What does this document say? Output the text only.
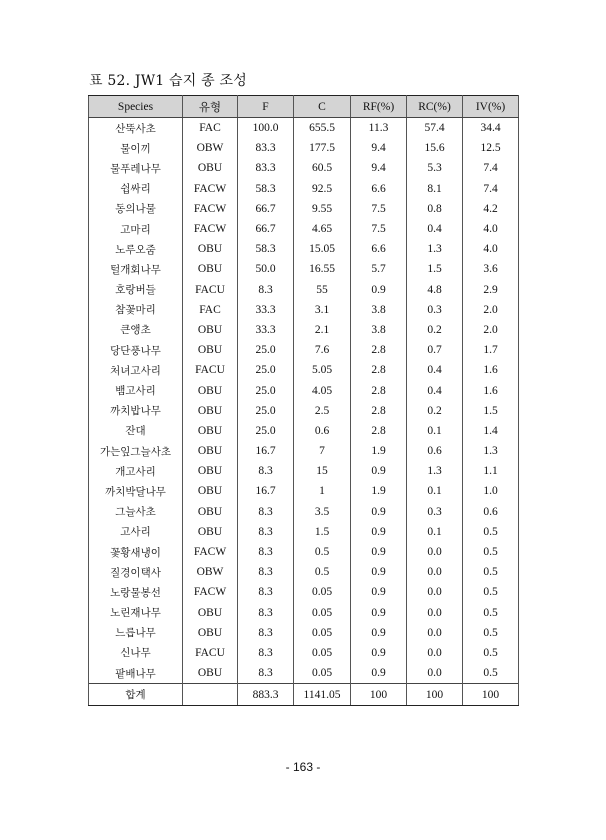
표 52. JW1 습지 종 조성
Species	유형	F	C	RF(%)	RC(%)	IV(%)
산뚝사초	FAC	100.0	655.5	11.3	57.4	34.4
물이끼	OBW	83.3	177.5	9.4	15.6	12.5
물푸레나무	OBU	83.3	60.5	9.4	5.3	7.4
쉽싸리	FACW	58.3	92.5	6.6	8.1	7.4
동의나물	FACW	66.7	9.55	7.5	0.8	4.2
고마리	FACW	66.7	4.65	7.5	0.4	4.0
노루오줌	OBU	58.3	15.05	6.6	1.3	4.0
털개회나무	OBU	50.0	16.55	5.7	1.5	3.6
호랑버들	FACU	8.3	55	0.9	4.8	2.9
참꽃마리	FAC	33.3	3.1	3.8	0.3	2.0
큰앵초	OBU	33.3	2.1	3.8	0.2	2.0
당단풍나무	OBU	25.0	7.6	2.8	0.7	1.7
처녀고사리	FACU	25.0	5.05	2.8	0.4	1.6
뱀고사리	OBU	25.0	4.05	2.8	0.4	1.6
까치밥나무	OBU	25.0	2.5	2.8	0.2	1.5
잔대	OBU	25.0	0.6	2.8	0.1	1.4
가는잎그늘사초	OBU	16.7	7	1.9	0.6	1.3
개고사리	OBU	8.3	15	0.9	1.3	1.1
까치박달나무	OBU	16.7	1	1.9	0.1	1.0
그늘사초	OBU	8.3	3.5	0.9	0.3	0.6
고사리	OBU	8.3	1.5	0.9	0.1	0.5
꽃황새냉이	FACW	8.3	0.5	0.9	0.0	0.5
질경이택사	OBW	8.3	0.5	0.9	0.0	0.5
노랑물봉선	FACW	8.3	0.05	0.9	0.0	0.5
노린재나무	OBU	8.3	0.05	0.9	0.0	0.5
느릅나무	OBU	8.3	0.05	0.9	0.0	0.5
신나무	FACU	8.3	0.05	0.9	0.0	0.5
팥배나무	OBU	8.3	0.05	0.9	0.0	0.5
합계		883.3	1141.05	100	100	100
- 163 -
